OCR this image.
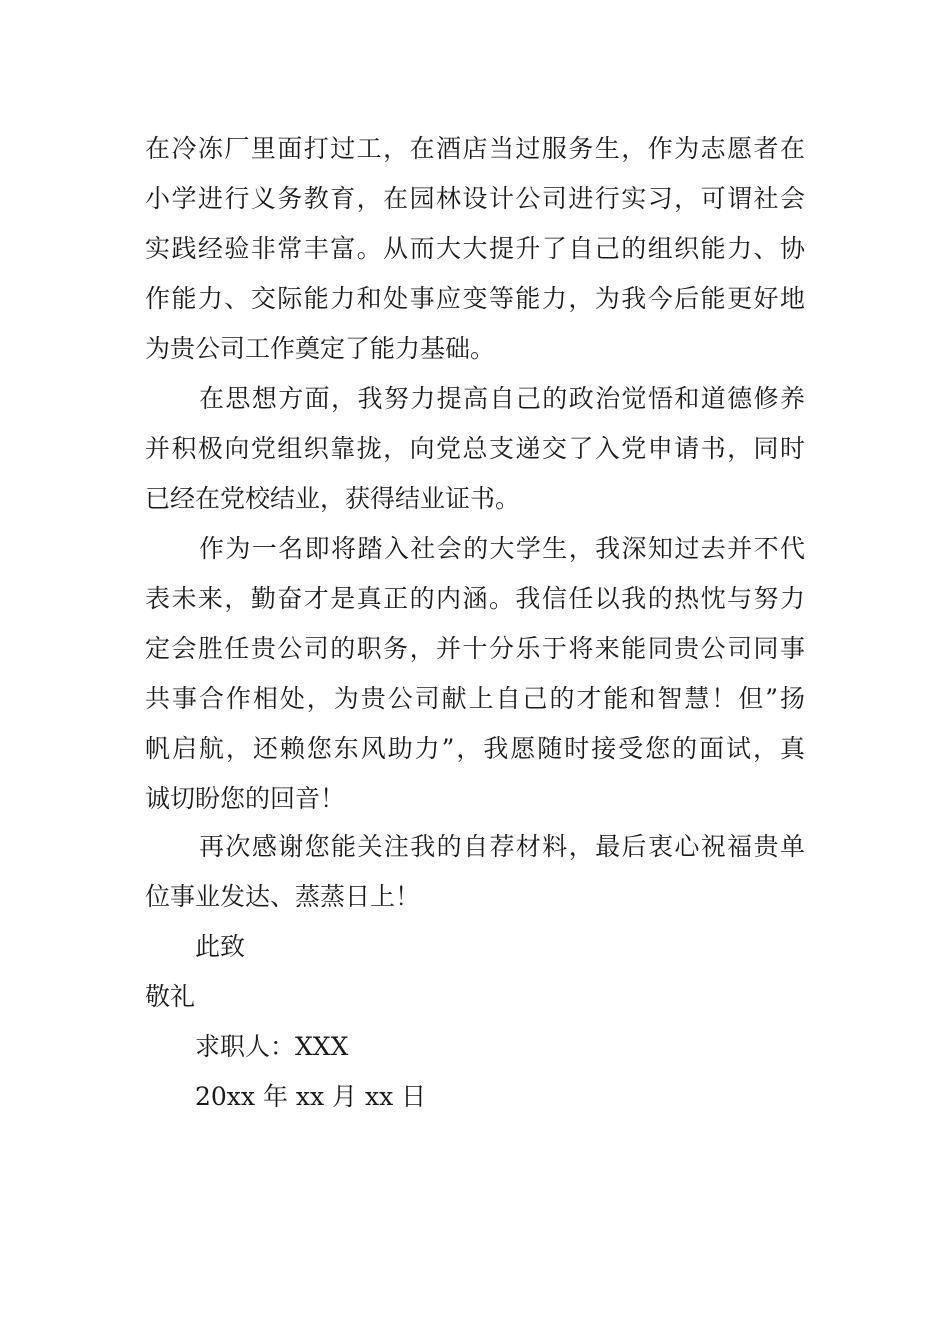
在冷冻厂里面打过工，在酒店当过服务生，作为志愿者在
小学进行义务教育，在园林设计公司进行实习，可谓社会
实践经验非常丰富。从而大大提升了自己的组织能力、协
作能力、交际能力和处事应变等能力，为我今后能更好地
为贵公司工作奠定了能力基础。
在思想方面，我努力提高自己的政治觉悟和道德修养
并积极向党组织靠拢，向党总支递交了入党申请书，同时
已经在党校结业，获得结业证书。
作为一名即将踏入社会的大学生，我深知过去并不代
表未来，勤奋才是真正的内涵。我信任以我的热忱与努力
定会胜任贵公司的职务，并十分乐于将来能同贵公司同事
共事合作相处，为贵公司献上自己的才能和智慧！但”扬
帆启航，还赖您东风助力”，我愿随时接受您的面试，真
诚切盼您的回音！
再次感谢您能关注我的自荐材料，最后衷心祝福贵单
位事业发达、蒸蒸日上！
此致
敬礼
求职人：XXX
20xx 年 xx 月 xx 日
